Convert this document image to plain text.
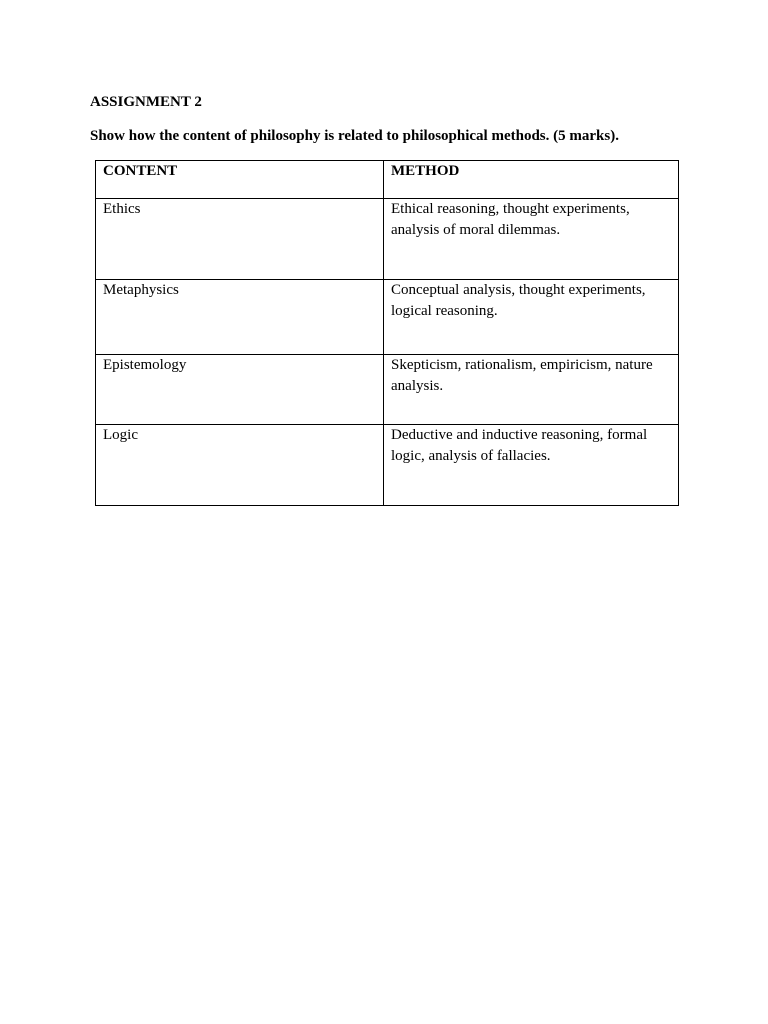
ASSIGNMENT 2
Show how the content of philosophy is related to philosophical methods. (5 marks).
CONTENT	METHOD

Ethics	Ethical reasoning, thought experiments, analysis of moral dilemmas.

Metaphysics	Conceptual analysis, thought experiments, logical reasoning.

Epistemology	Skepticism, rationalism, empiricism, nature analysis.

Logic	Deductive and inductive reasoning, formal logic, analysis of fallacies.
